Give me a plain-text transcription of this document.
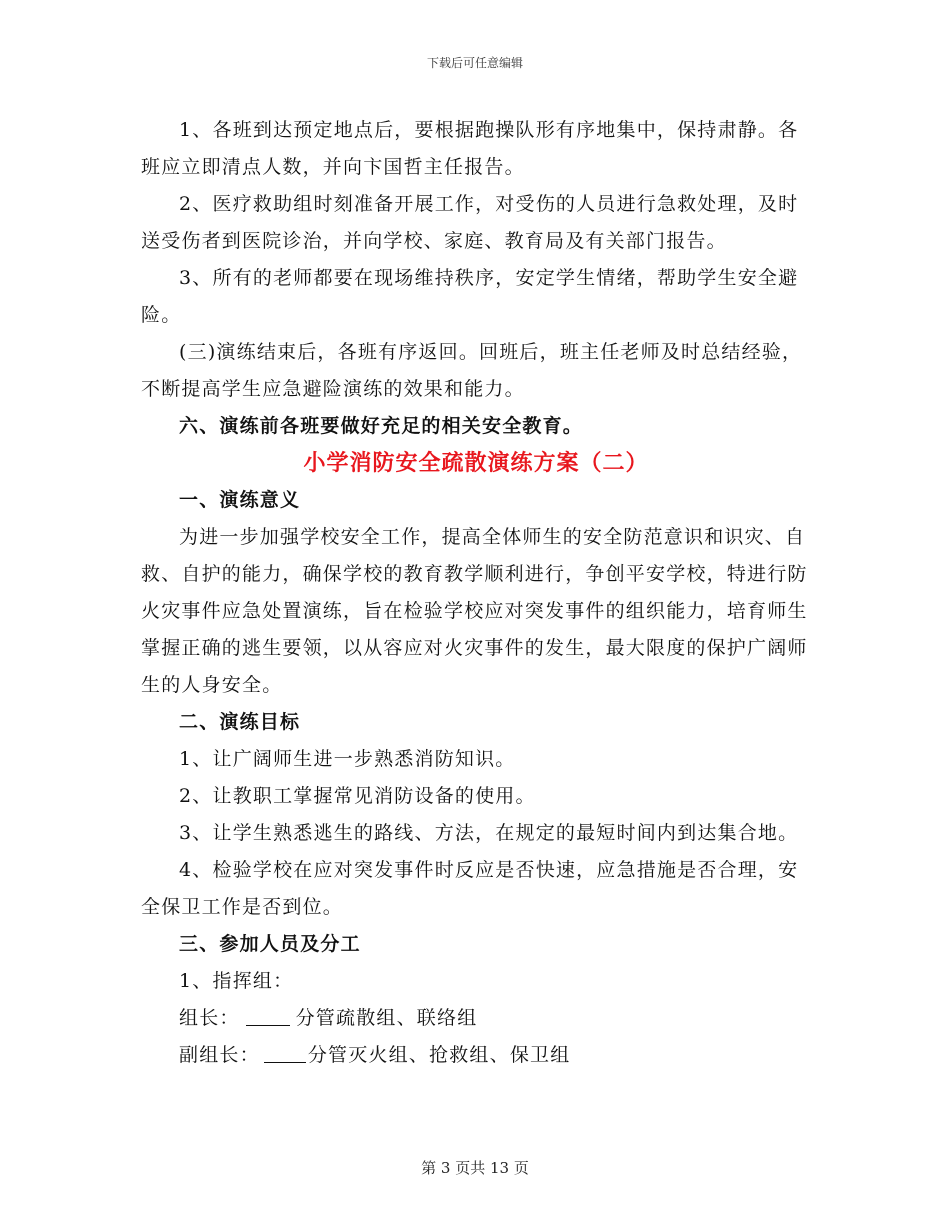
下载后可任意编辑

1、各班到达预定地点后，要根据跑操队形有序地集中，保持肃静。各班应立即清点人数，并向卞国哲主任报告。

2、医疗救助组时刻准备开展工作，对受伤的人员进行急救处理，及时送受伤者到医院诊治，并向学校、家庭、教育局及有关部门报告。

3、所有的老师都要在现场维持秩序，安定学生情绪，帮助学生安全避险。

(三)演练结束后，各班有序返回。回班后，班主任老师及时总结经验，不断提高学生应急避险演练的效果和能力。

六、演练前各班要做好充足的相关安全教育。

小学消防安全疏散演练方案（二）

一、演练意义

为进一步加强学校安全工作，提高全体师生的安全防范意识和识灾、自救、自护的能力，确保学校的教育教学顺利进行，争创平安学校，特进行防火灾事件应急处置演练，旨在检验学校应对突发事件的组织能力，培育师生掌握正确的逃生要领，以从容应对火灾事件的发生，最大限度的保护广阔师生的人身安全。

二、演练目标

1、让广阔师生进一步熟悉消防知识。

2、让教职工掌握常见消防设备的使用。

3、让学生熟悉逃生的路线、方法，在规定的最短时间内到达集合地。

4、检验学校在应对突发事件时反应是否快速，应急措施是否合理，安全保卫工作是否到位。

三、参加人员及分工

1、指挥组：

组长：	分管疏散组、联络组

副组长：	分管灭火组、抢救组、保卫组

第 3 页共 13 页
